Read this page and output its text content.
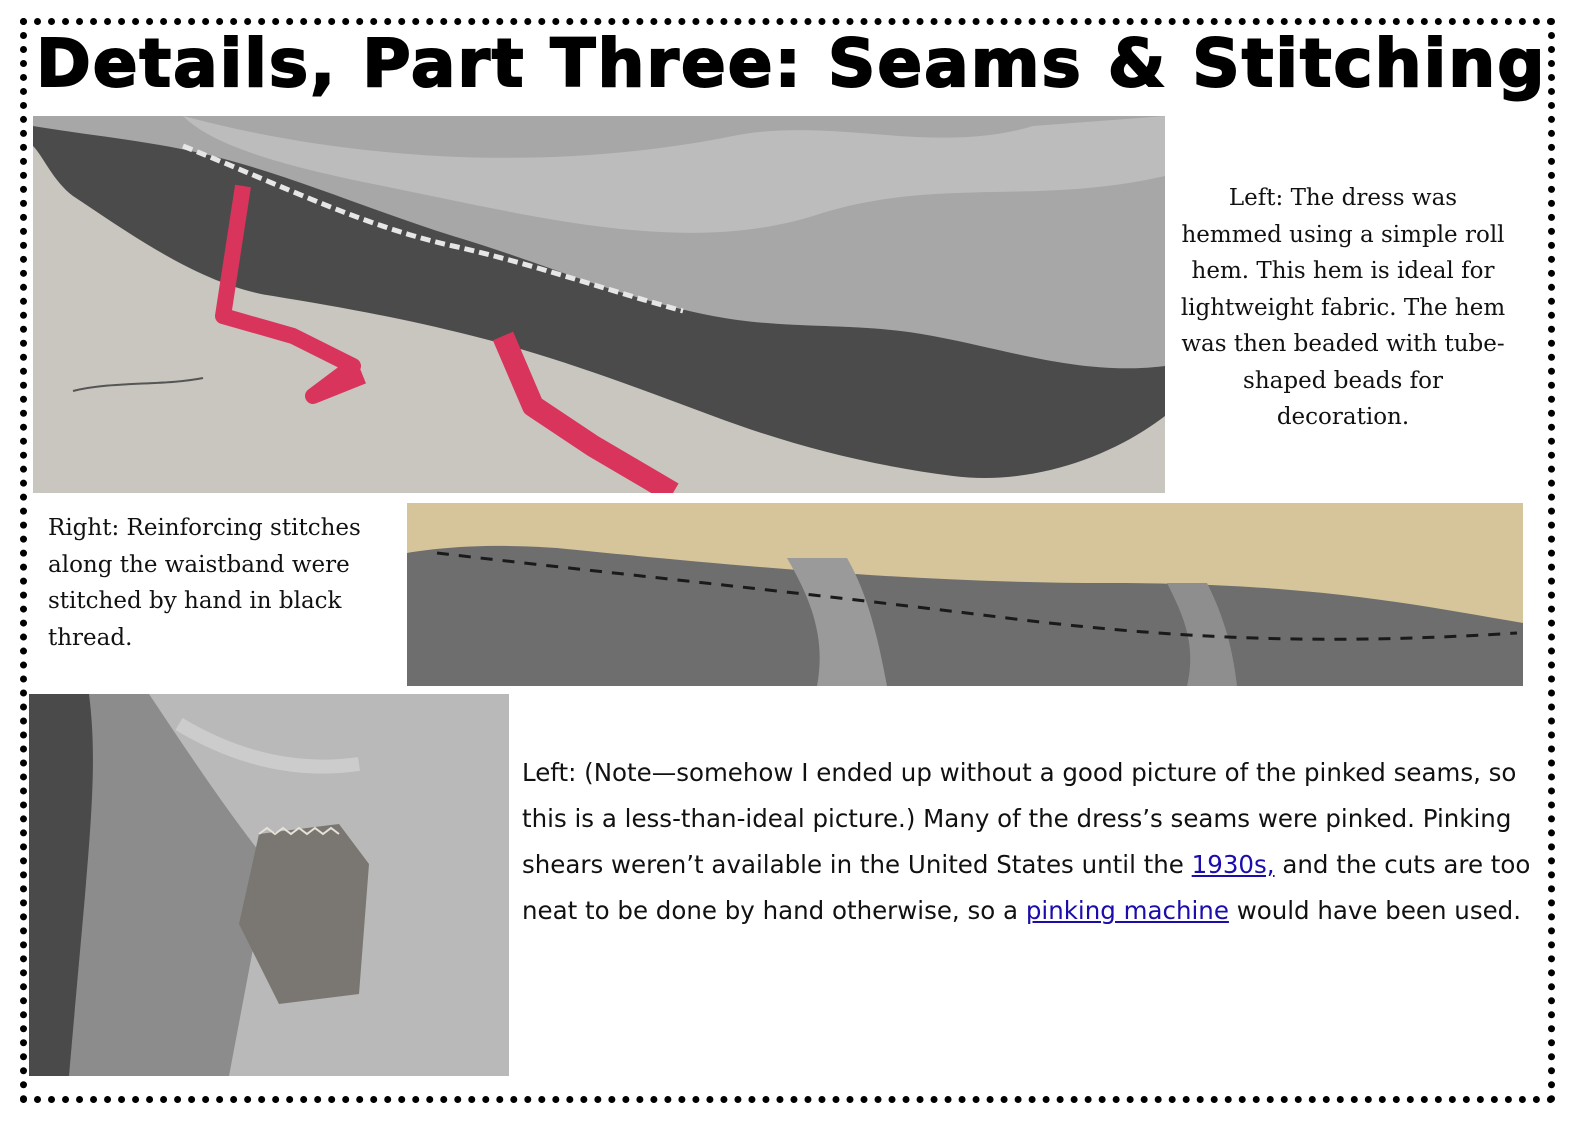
Details, Part Three: Seams & Stitching
Left: The dress was hemmed using a simple roll hem. This hem is ideal for lightweight fabric. The hem was then beaded with tube-shaped beads for decoration.
Right: Reinforcing stitches along the waistband were stitched by hand in black thread.
Left: (Note—somehow I ended up without a good picture of the pinked seams, so this is a less-than-ideal picture.) Many of the dress’s seams were pinked. Pinking shears weren’t available in the United States until the 1930s, and the cuts are too neat to be done by hand otherwise, so a pinking machine would have been used.
